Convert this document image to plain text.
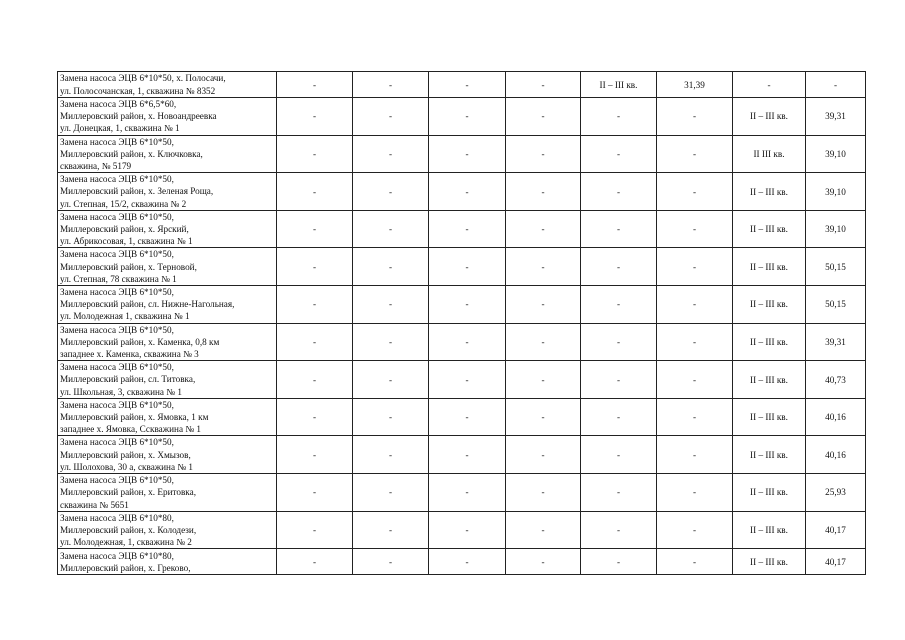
Замена насоса ЭЦВ 6*10*50, х. Полосачи,
ул. Полосочанская, 1, скважина № 8352	-	-	-	-	II – III кв.	31,39	-	-
Замена насоса ЭЦВ 6*6,5*60,
Миллеровский район, х. Новоандреевка
ул. Донецкая, 1, скважина № 1	-	-	-	-	-	-	II – III кв.	39,31
Замена насоса ЭЦВ 6*10*50,
Миллеровский район, х. Ключковка,
скважина, № 5179	-	-	-	-	-	-	II III кв.	39,10
Замена насоса ЭЦВ 6*10*50,
Миллеровский район, х. Зеленая Роща,
ул. Степная, 15/2, скважина № 2	-	-	-	-	-	-	II – III кв.	39,10
Замена насоса ЭЦВ 6*10*50,
Миллеровский район, х. Ярский,
ул. Абрикосовая, 1, скважина № 1	-	-	-	-	-	-	II – III кв.	39,10
Замена насоса ЭЦВ 6*10*50,
Миллеровский район, х. Терновой,
ул. Степная, 78 скважина № 1	-	-	-	-	-	-	II – III кв.	50,15
Замена насоса ЭЦВ 6*10*50,
Миллеровский район, сл. Нижне-Нагольная,
ул. Молодежная 1, скважина № 1	-	-	-	-	-	-	II – III кв.	50,15
Замена насоса ЭЦВ 6*10*50,
Миллеровский район, х. Каменка, 0,8 км
западнее х. Каменка, скважина № 3	-	-	-	-	-	-	II – III кв.	39,31
Замена насоса ЭЦВ 6*10*50,
Миллеровский район, сл. Титовка,
ул. Школьная, 3, скважина № 1	-	-	-	-	-	-	II – III кв.	40,73
Замена насоса ЭЦВ 6*10*50,
Миллеровский район, х. Ямовка, 1 км
западнее х. Ямовка, Сскважина № 1	-	-	-	-	-	-	II – III кв.	40,16
Замена насоса ЭЦВ 6*10*50,
Миллеровский район, х. Хмызов,
ул. Шолохова, 30 а, скважина № 1	-	-	-	-	-	-	II – III кв.	40,16
Замена насоса ЭЦВ 6*10*50,
Миллеровский район, х. Еритовка,
скважина № 5651	-	-	-	-	-	-	II – III кв.	25,93
Замена насоса ЭЦВ 6*10*80,
Миллеровский район, х. Колодези,
ул. Молодежная, 1, скважина № 2	-	-	-	-	-	-	II – III кв.	40,17
Замена насоса ЭЦВ 6*10*80,
Миллеровский район, х. Греково,	-	-	-	-	-	-	II – III кв.	40,17
